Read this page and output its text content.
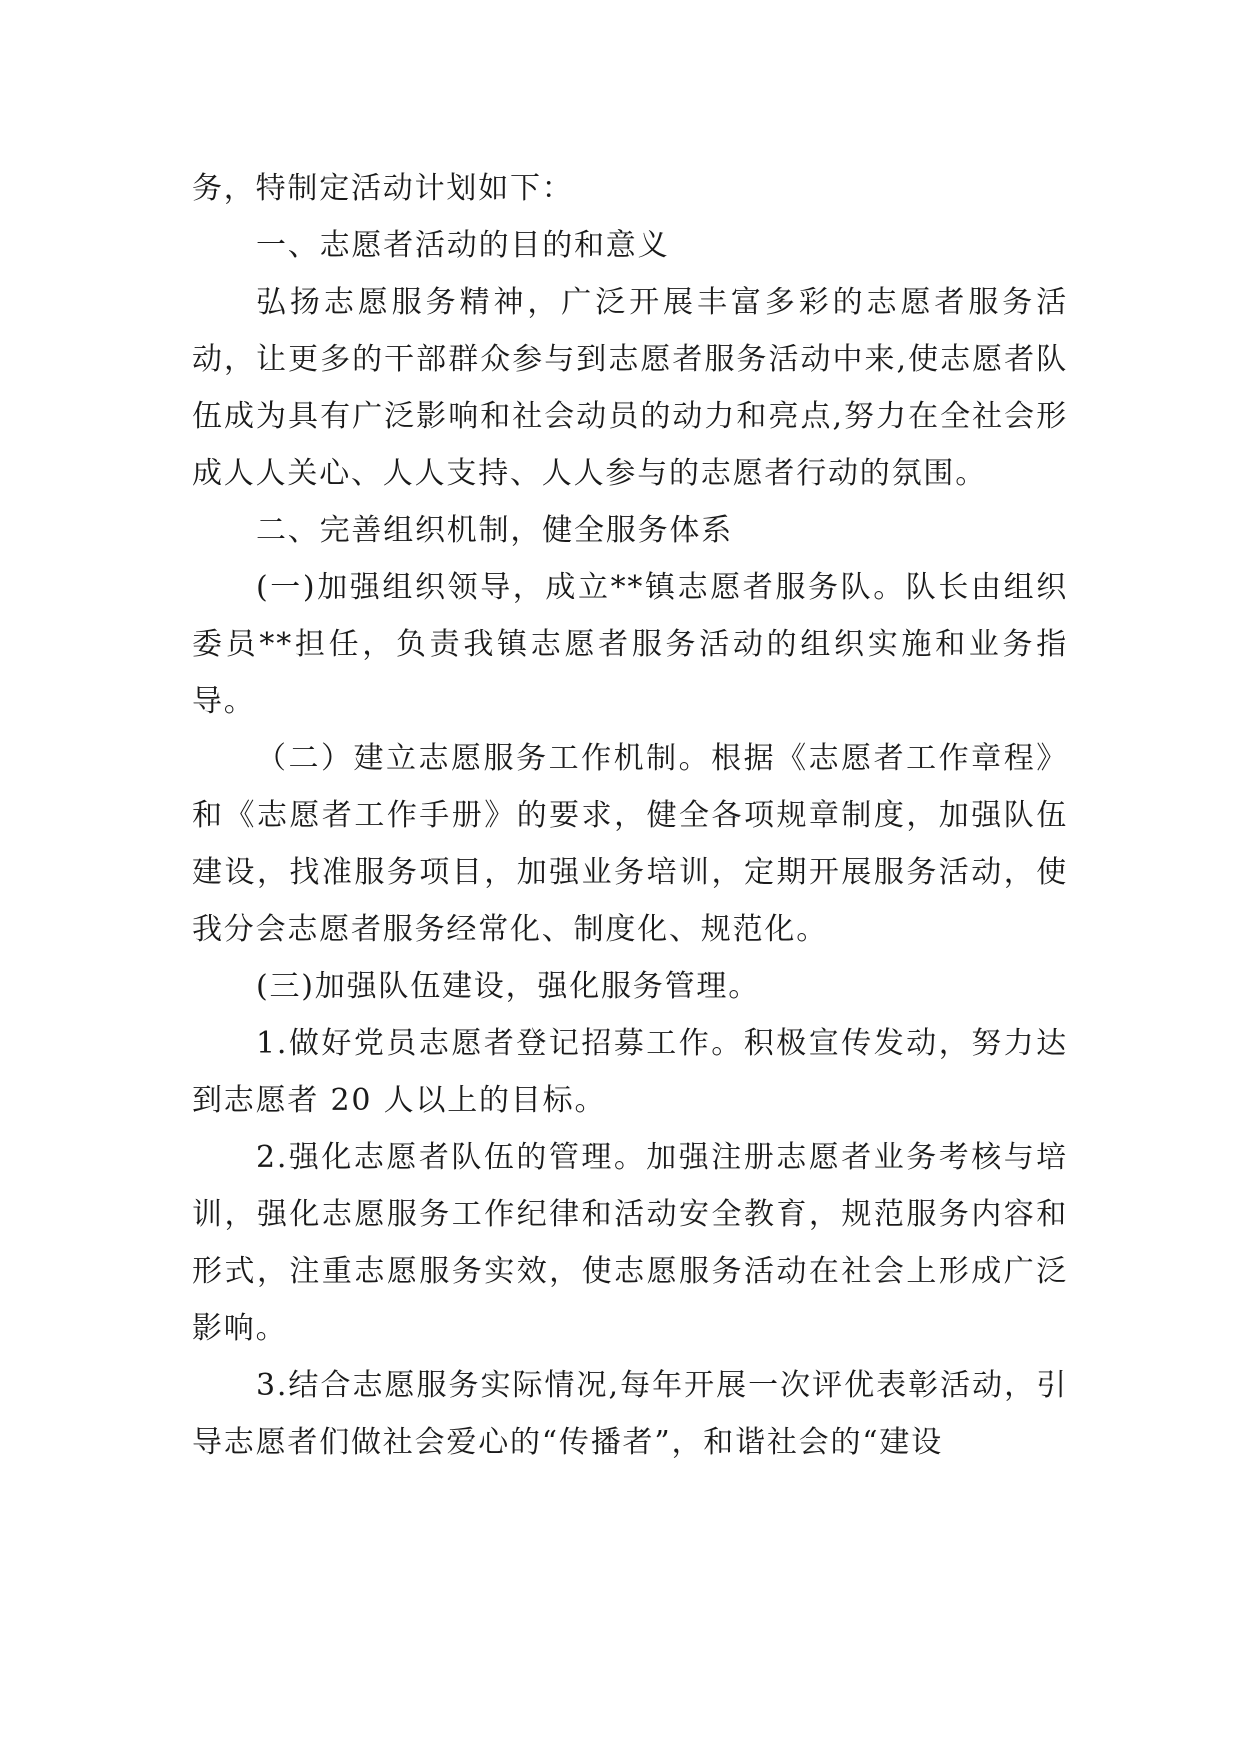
务，特制定活动计划如下：

一、志愿者活动的目的和意义

弘扬志愿服务精神，广泛开展丰富多彩的志愿者服务活动，让更多的干部群众参与到志愿者服务活动中来,使志愿者队伍成为具有广泛影响和社会动员的动力和亮点,努力在全社会形成人人关心、人人支持、人人参与的志愿者行动的氛围。

二、完善组织机制，健全服务体系

(一)加强组织领导，成立**镇志愿者服务队。队长由组织委员**担任，负责我镇志愿者服务活动的组织实施和业务指导。

（二）建立志愿服务工作机制。根据《志愿者工作章程》和《志愿者工作手册》的要求，健全各项规章制度，加强队伍建设，找准服务项目，加强业务培训，定期开展服务活动，使我分会志愿者服务经常化、制度化、规范化。

(三)加强队伍建设，强化服务管理。

1.做好党员志愿者登记招募工作。积极宣传发动，努力达到志愿者 20 人以上的目标。

2.强化志愿者队伍的管理。加强注册志愿者业务考核与培训，强化志愿服务工作纪律和活动安全教育，规范服务内容和形式，注重志愿服务实效，使志愿服务活动在社会上形成广泛影响。

3.结合志愿服务实际情况,每年开展一次评优表彰活动，引导志愿者们做社会爱心的“传播者”，和谐社会的“建设
